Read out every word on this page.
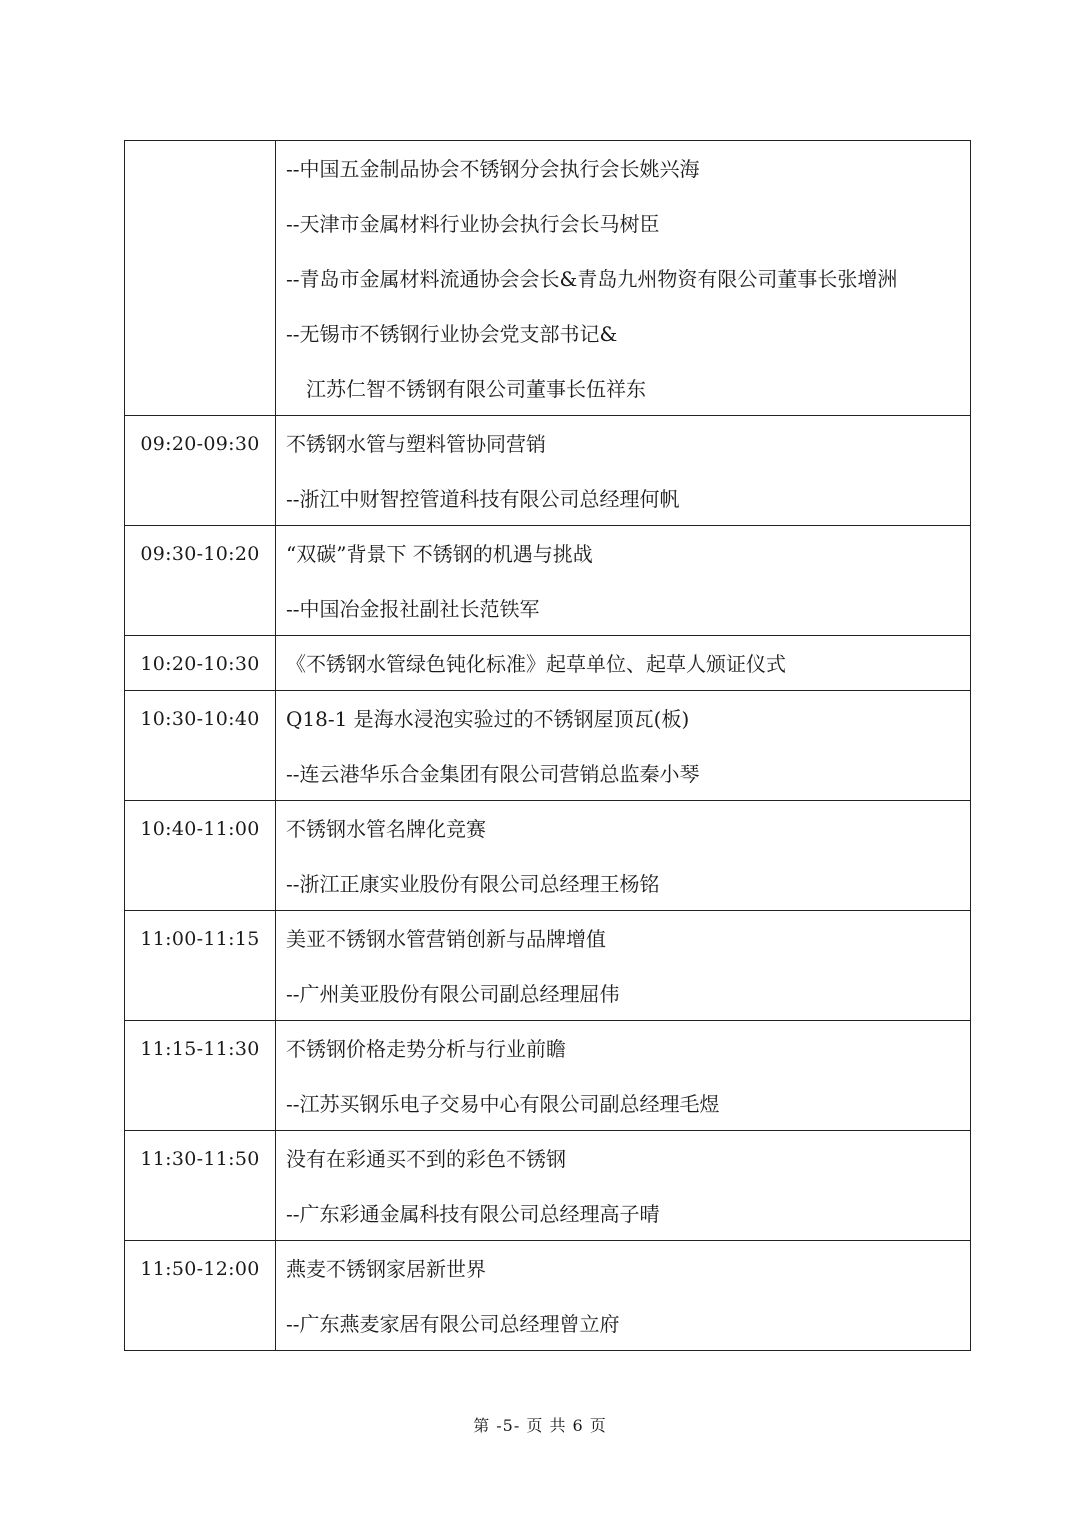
	--中国五金制品协会不锈钢分会执行会长姚兴海
--天津市金属材料行业协会执行会长马树臣
--青岛市金属材料流通协会会长&青岛九州物资有限公司董事长张增洲
--无锡市不锈钢行业协会党支部书记&
江苏仁智不锈钢有限公司董事长伍祥东

09:20-09:30	不锈钢水管与塑料管协同营销
--浙江中财智控管道科技有限公司总经理何帆

09:30-10:20	“双碳”背景下 不锈钢的机遇与挑战
--中国冶金报社副社长范铁军

10:20-10:30	《不锈钢水管绿色钝化标准》起草单位、起草人颁证仪式

10:30-10:40	Q18-1 是海水浸泡实验过的不锈钢屋顶瓦(板)
--连云港华乐合金集团有限公司营销总监秦小琴

10:40-11:00	不锈钢水管名牌化竞赛
--浙江正康实业股份有限公司总经理王杨铭

11:00-11:15	美亚不锈钢水管营销创新与品牌增值
--广州美亚股份有限公司副总经理屈伟

11:15-11:30	不锈钢价格走势分析与行业前瞻
--江苏买钢乐电子交易中心有限公司副总经理毛煜

11:30-11:50	没有在彩通买不到的彩色不锈钢
--广东彩通金属科技有限公司总经理高子晴

11:50-12:00	燕麦不锈钢家居新世界
--广东燕麦家居有限公司总经理曾立府
第 -5- 页 共 6 页
